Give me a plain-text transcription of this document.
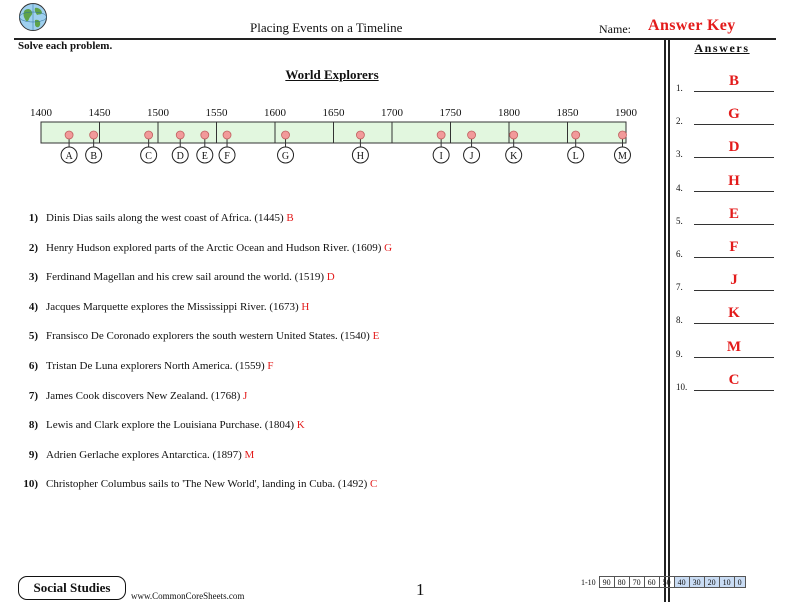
Placing Events on a Timeline	Name: Answer Key
Solve each problem.	Answers
1.	B
2.	G
3.	D
4.	H
5.	E
6.	F
7.	J
8.	K
9.	M
10.	C
World Explorers
1400	1450	1500	1550	1600	1650	1700	1750	1800	1850	1900
A B	C D E F	G	H	I	J	K	L	M
1) Dinis Dias sails along the west coast of Africa. (1445) B
2) Henry Hudson explored parts of the Arctic Ocean and Hudson River. (1609) G
3) Ferdinand Magellan and his crew sail around the world. (1519) D
4) Jacques Marquette explores the Mississippi River. (1673) H
5) Fransisco De Coronado explorers the south western United States. (1540) E
6) Tristan De Luna explorers North America. (1559) F
7) James Cook discovers New Zealand. (1768) J
8) Lewis and Clark explore the Louisiana Purchase. (1804) K
9) Adrien Gerlache explores Antarctica. (1897) M
10) Christopher Columbus sails to 'The New World', landing in Cuba. (1492) C
Social Studies
www.CommonCoreSheets.com	1	1-10	90	80	70	60	50	40	30	20	10	0
